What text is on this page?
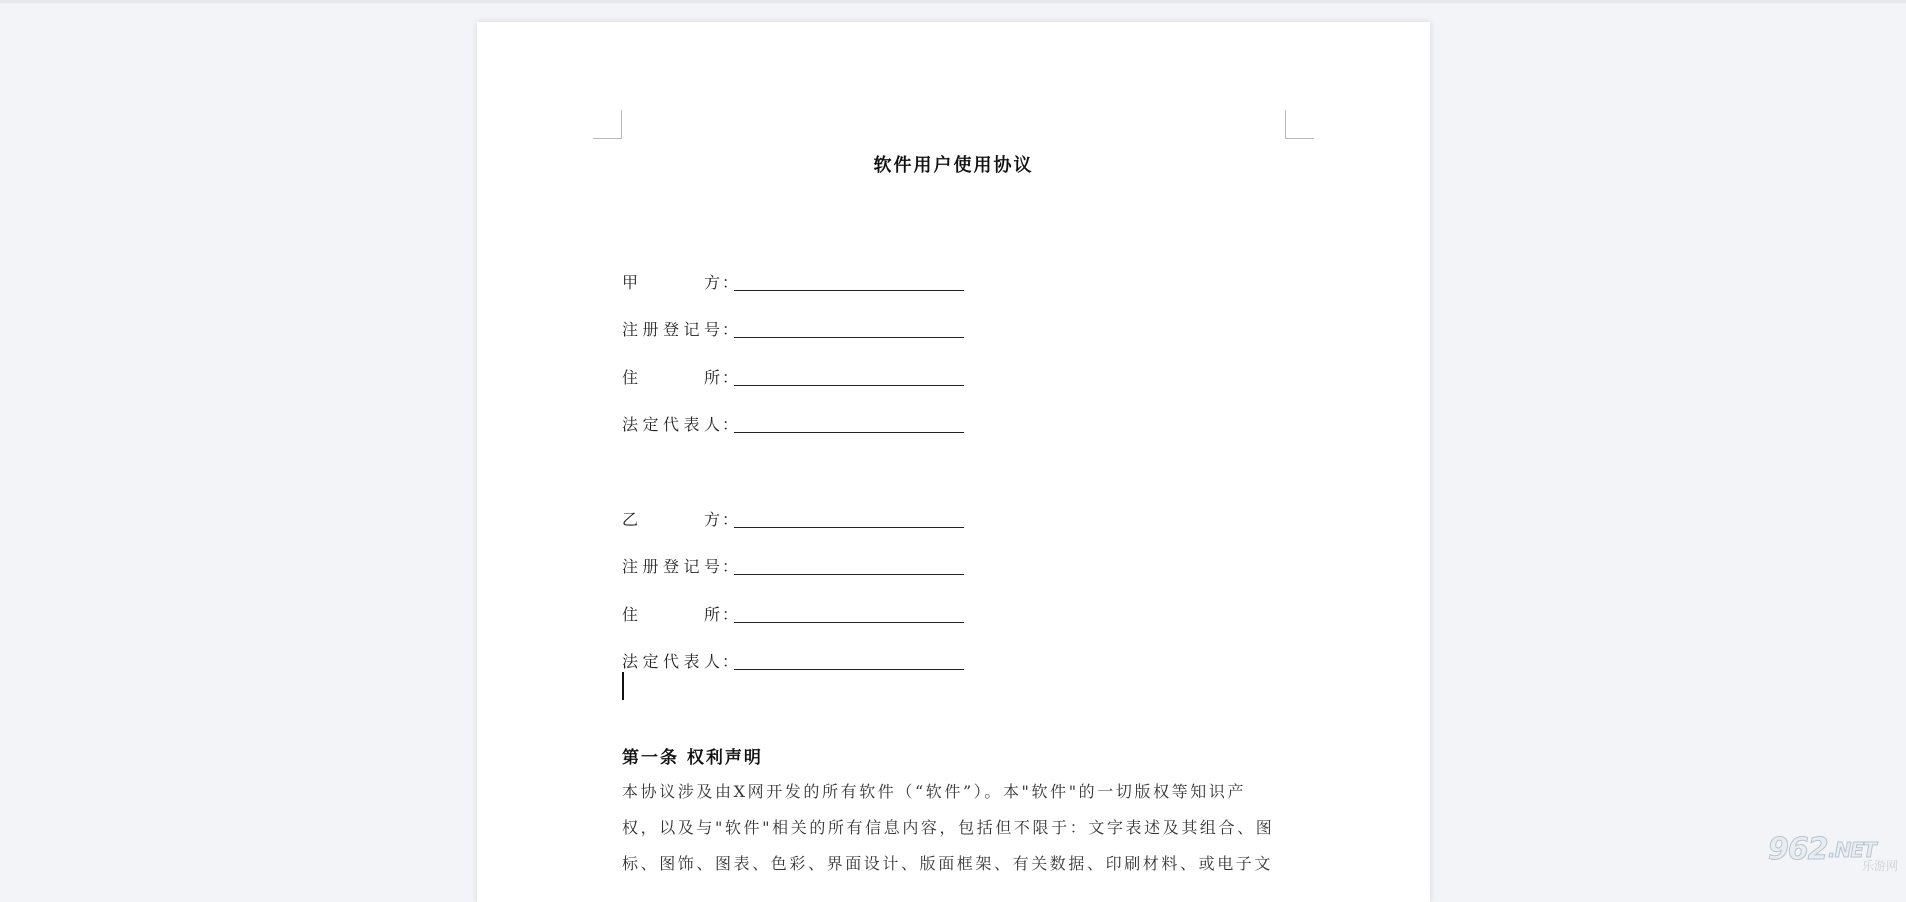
软件用户使用协议
甲	方 ：
注 册 登 记 号 ：
住	所 ：
法 定 代 表 人 ：
乙	方 ：
注 册 登 记 号 ：
住	所 ：
法 定 代 表 人 ：
第一条 权利声明
本协议涉及由X网开发的所有软件（“软件”）。本"软件"的一切版权等知识产
权，以及与"软件"相关的所有信息内容，包括但不限于：文字表述及其组合、图
标、图饰、图表、色彩、界面设计、版面框架、有关数据、印刷材料、或电子文	962 .NET
乐游网
